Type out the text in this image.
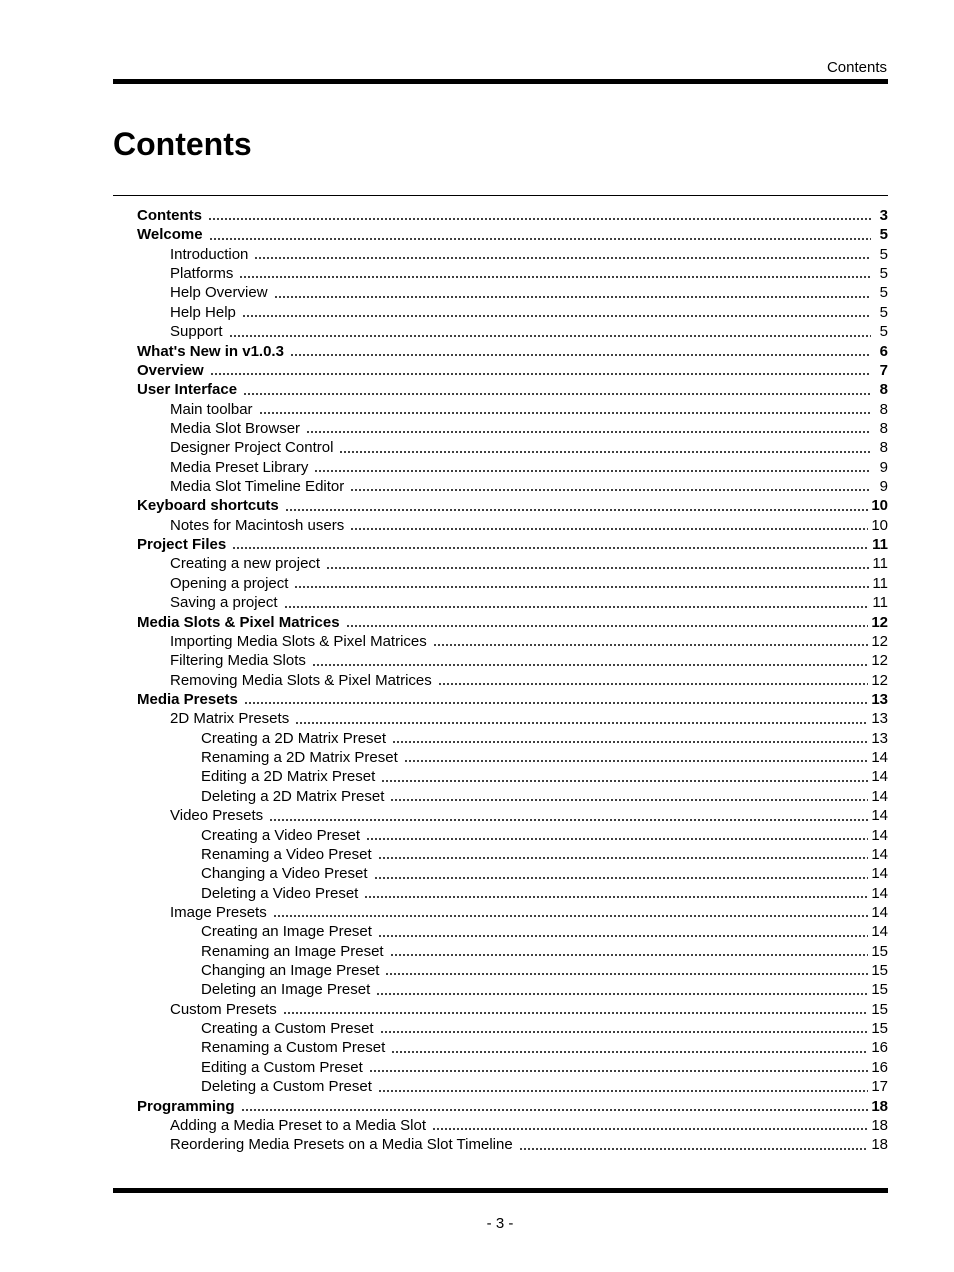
Contents
Contents
Contents	3
Welcome	5
Introduction	5
Platforms	5
Help Overview	5
Help Help	5
Support	5
What's New in v1.0.3	6
Overview	7
User Interface	8
Main toolbar	8
Media Slot Browser	8
Designer Project Control	8
Media Preset Library	9
Media Slot Timeline Editor	9
Keyboard shortcuts	10
Notes for Macintosh users	10
Project Files	11
Creating a new project	11
Opening a project	11
Saving a project	11
Media Slots & Pixel Matrices	12
Importing Media Slots & Pixel Matrices	12
Filtering Media Slots	12
Removing Media Slots & Pixel Matrices	12
Media Presets	13
2D Matrix Presets	13
Creating a 2D Matrix Preset	13
Renaming a 2D Matrix Preset	14
Editing a 2D Matrix Preset	14
Deleting a 2D Matrix Preset	14
Video Presets	14
Creating a Video Preset	14
Renaming a Video Preset	14
Changing a Video Preset	14
Deleting a Video Preset	14
Image Presets	14
Creating an Image Preset	14
Renaming an Image Preset	15
Changing an Image Preset	15
Deleting an Image Preset	15
Custom Presets	15
Creating a Custom Preset	15
Renaming a Custom Preset	16
Editing a Custom Preset	16
Deleting a Custom Preset	17
Programming	18
Adding a Media Preset to a Media Slot	18
Reordering Media Presets on a Media Slot Timeline	18
- 3 -
